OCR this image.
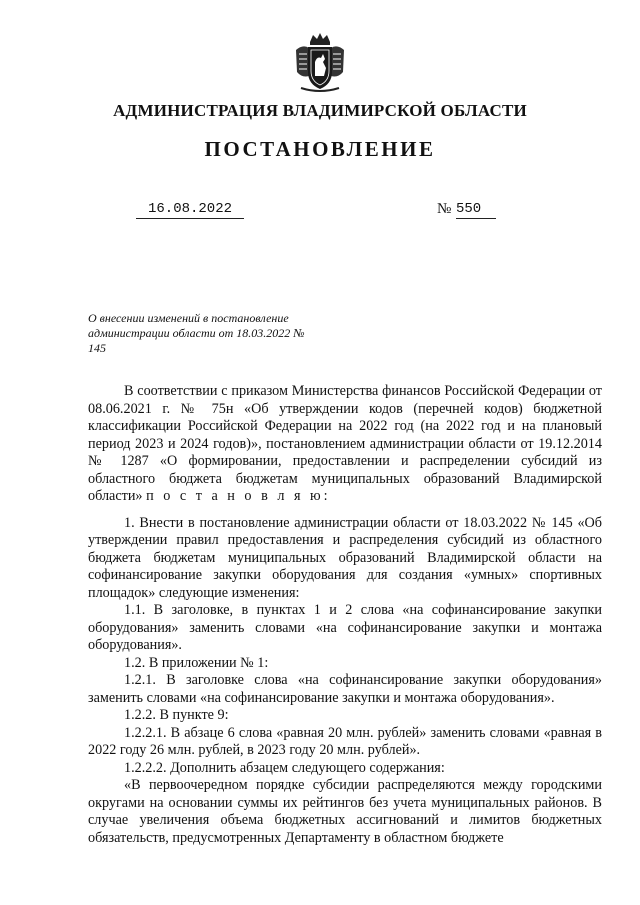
АДМИНИСТРАЦИЯ ВЛАДИМИРСКОЙ ОБЛАСТИ
ПОСТАНОВЛЕНИЕ
16.08.2022	№ 550
О внесении изменений в постановление администрации области от 18.03.2022 № 145

В соответствии с приказом Министерства финансов Российской Федерации от 08.06.2021 г. № 75н «Об утверждении кодов (перечней кодов) бюджетной классификации Российской Федерации на 2022 год (на 2022 год и на плановый период 2023 и 2024 годов)», постановлением администрации области от 19.12.2014 № 1287 «О формировании, предоставлении и распределении субсидий из областного бюджета бюджетам муниципальных образований Владимирской области» п о с т а н о в л я ю:

1. Внести в постановление администрации области от 18.03.2022 № 145 «Об утверждении правил предоставления и распределения субсидий из областного бюджета бюджетам муниципальных образований Владимирской области на софинансирование закупки оборудования для создания «умных» спортивных площадок» следующие изменения:

1.1. В заголовке, в пунктах 1 и 2 слова «на софинансирование закупки оборудования» заменить словами «на софинансирование закупки и монтажа оборудования».

1.2. В приложении № 1:

1.2.1. В заголовке слова «на софинансирование закупки оборудования» заменить словами «на софинансирование закупки и монтажа оборудования».

1.2.2. В пункте 9:

1.2.2.1. В абзаце 6 слова «равная 20 млн. рублей» заменить словами «равная в 2022 году 26 млн. рублей, в 2023 году 20 млн. рублей».

1.2.2.2. Дополнить абзацем следующего содержания:

«В первоочередном порядке субсидии распределяются между городскими округами на основании суммы их рейтингов без учета муниципальных районов. В случае увеличения объема бюджетных ассигнований и лимитов бюджетных обязательств, предусмотренных Департаменту в областном бюджете
